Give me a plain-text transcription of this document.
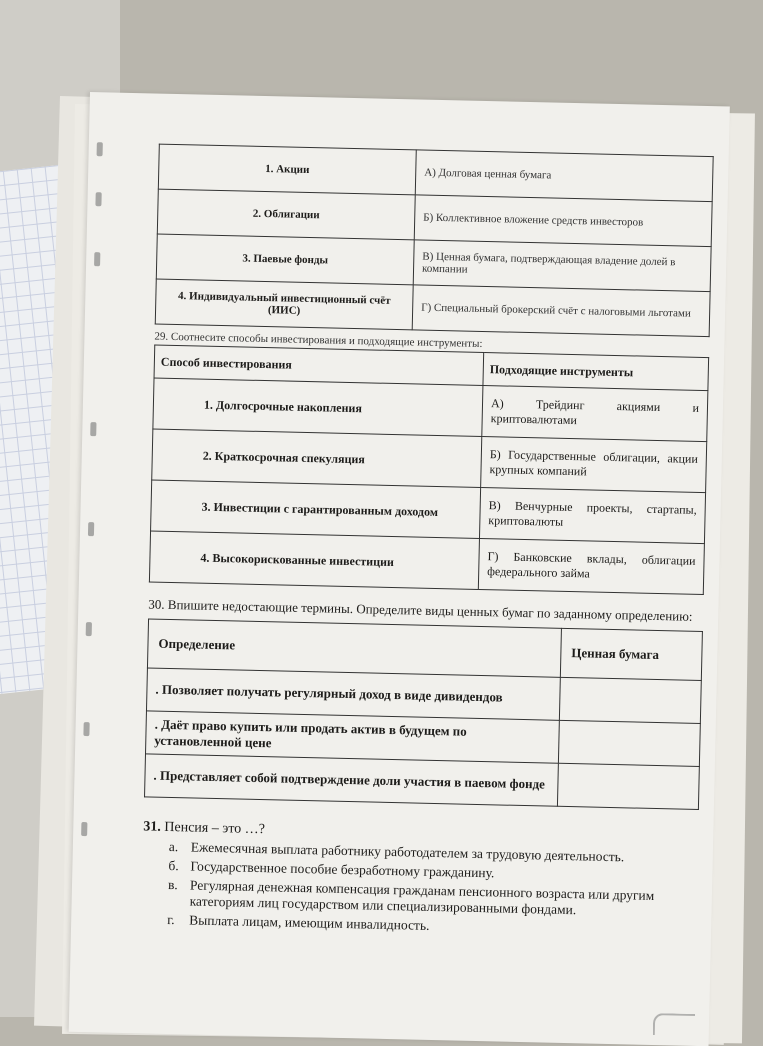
1. Акции	А) Долговая ценная бумага
2. Облигации	Б) Коллективное вложение средств инвесторов
3. Паевые фонды	В) Ценная бумага, подтверждающая владение долей в компании
4. Индивидуальный инвестиционный счёт (ИИС)	Г) Специальный брокерский счёт с налоговыми льготами
29. Соотнесите способы инвестирования и подходящие инструменты:
Способ инвестирования	Подходящие инструменты
1. Долгосрочные накопления	А) Трейдинг акциями и криптовалютами
2. Краткосрочная спекуляция	Б) Государственные облигации, акции крупных компаний
3. Инвестиции с гарантированным доходом	В) Венчурные проекты, стартапы, криптовалюты
4. Высокорискованные инвестиции	Г) Банковские вклады, облигации федерального займа
30. Впишите недостающие термины. Определите виды ценных бумаг по заданному определению:
Определение	Ценная бумага
. Позволяет получать регулярный доход в виде дивидендов	
. Даёт право купить или продать актив в будущем по установленной цене	
. Представляет собой подтверждение доли участия в паевом фонде	
31. Пенсия – это …?
а. Ежемесячная выплата работнику работодателем за трудовую деятельность.
б. Государственное пособие безработному гражданину.
в. Регулярная денежная компенсация гражданам пенсионного возраста или другим категориям лиц государством или специализированными фондами.
г.	Выплата лицам, имеющим инвалидность.
